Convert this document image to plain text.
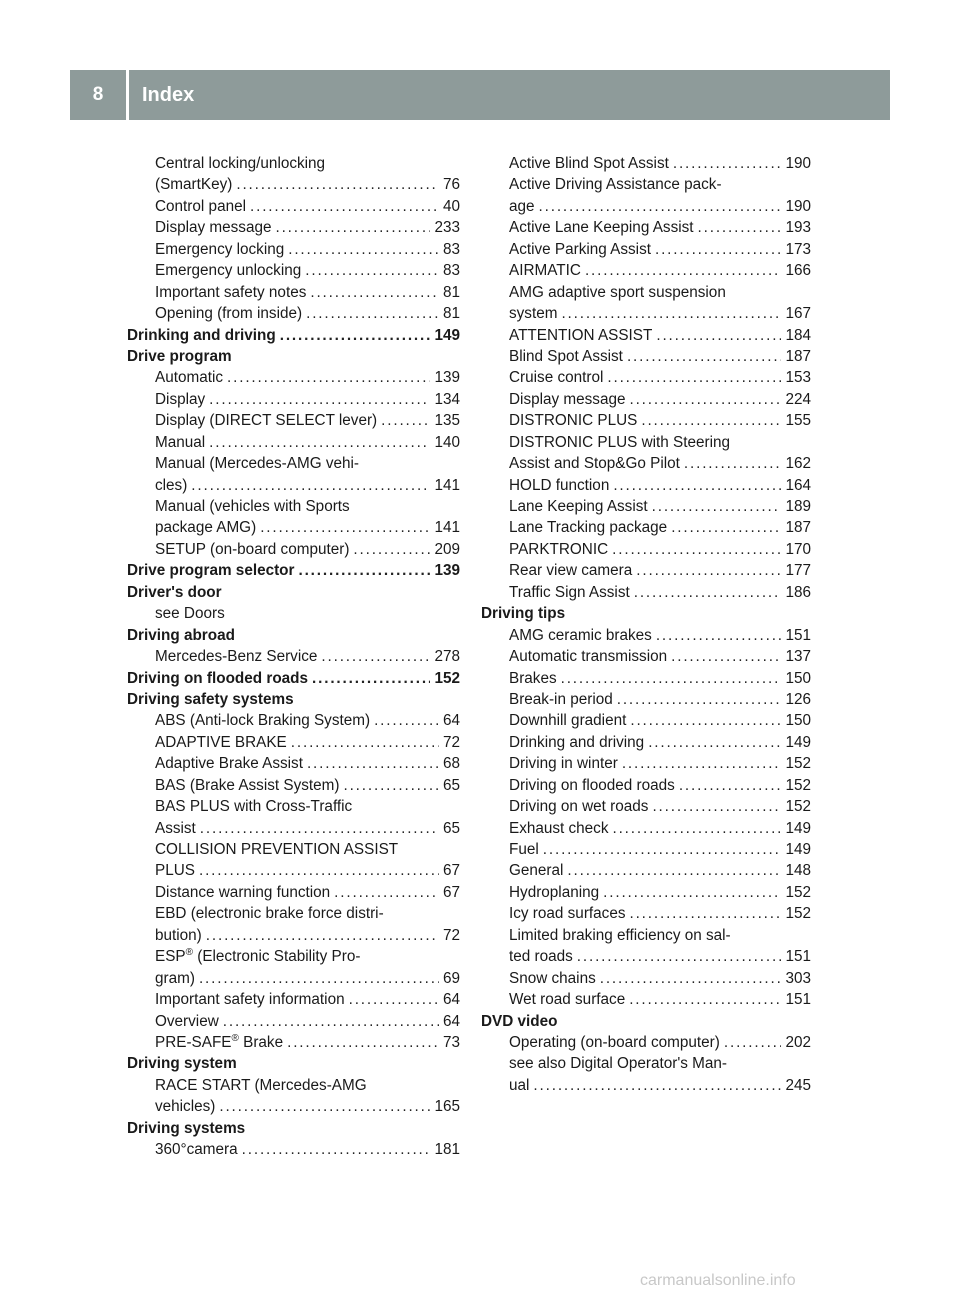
8	Index
Central locking/unlocking
(SmartKey) . . .	76
Control panel . . .	40
Display message . . .	233
Emergency locking . . .	83
Emergency unlocking . . .	83
Important safety notes . . .	81
Opening (from inside) . . .	81
Drinking and driving . . .	149
Drive program
Automatic . . .	139
Display . . .	134
Display (DIRECT SELECT lever) . . .	135
Manual . . .	140
Manual (Mercedes-AMG vehi-
cles) . . .	141
Manual (vehicles with Sports
package AMG) . . .	141
SETUP (on-board computer) . . .	209
Drive program selector . . .	139
Driver's door
see Doors
Driving abroad
Mercedes-Benz Service . . .	278
Driving on flooded roads . . .	152
Driving safety systems
ABS (Anti-lock Braking System) . . .	64
ADAPTIVE BRAKE . . .	72
Adaptive Brake Assist . . .	68
BAS (Brake Assist System) . . .	65
BAS PLUS with Cross-Traffic
Assist . . .	65
COLLISION PREVENTION ASSIST
PLUS . . .	67
Distance warning function . . .	67
EBD (electronic brake force distri-
bution) . . .	72
ESP® (Electronic Stability Pro-
gram) . . .	69
Important safety information . . .	64
Overview . . .	64
PRE-SAFE® Brake . . .	73
Driving system
RACE START (Mercedes-AMG
vehicles) . . .	165
Driving systems
360°camera . . .	181
Active Blind Spot Assist . . .	190
Active Driving Assistance pack-
age . . .	190
Active Lane Keeping Assist . . .	193
Active Parking Assist . . .	173
AIRMATIC . . .	166
AMG adaptive sport suspension
system . . .	167
ATTENTION ASSIST . . .	184
Blind Spot Assist . . .	187
Cruise control . . .	153
Display message . . .	224
DISTRONIC PLUS . . .	155
DISTRONIC PLUS with Steering
Assist and Stop&Go Pilot . . .	162
HOLD function . . .	164
Lane Keeping Assist . . .	189
Lane Tracking package . . .	187
PARKTRONIC . . .	170
Rear view camera . . .	177
Traffic Sign Assist . . .	186
Driving tips
AMG ceramic brakes . . .	151
Automatic transmission . . .	137
Brakes . . .	150
Break-in period . . .	126
Downhill gradient . . .	150
Drinking and driving . . .	149
Driving in winter . . .	152
Driving on flooded roads . . .	152
Driving on wet roads . . .	152
Exhaust check . . .	149
Fuel . . .	149
General . . .	148
Hydroplaning . . .	152
Icy road surfaces . . .	152
Limited braking efficiency on sal-
ted roads . . .	151
Snow chains . . .	303
Wet road surface . . .	151
DVD video
Operating (on-board computer) . . .	202
see also Digital Operator's Man-
ual . . .	245
carmanualsonline.info
